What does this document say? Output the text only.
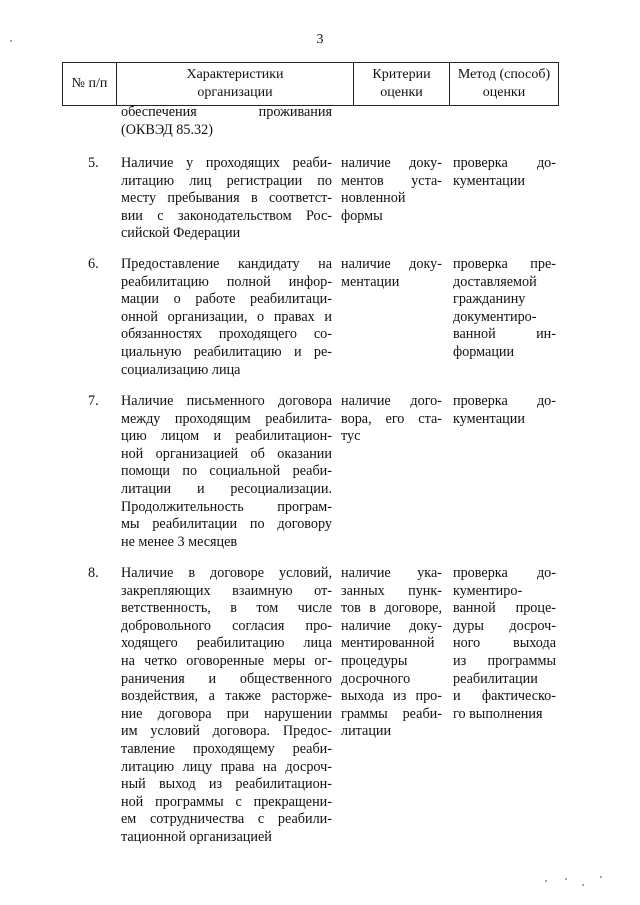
3
№ п/п
Характеристики
организации
Критерии
оценки
Метод (способ)
оценки
обеспечения проживания
(ОКВЭД 85.32)
5. Наличие у проходящих реаби-
литацию лиц регистрации по
месту пребывания в соответст-
вии с законодательством Рос-
сийской Федерации
наличие доку-
ментов уста-
новленной
формы
проверка до-
кументации
6. Предоставление кандидату на
реабилитацию полной инфор-
мации о работе реабилитаци-
онной организации, о правах и
обязанностях проходящего со-
циальную реабилитацию и ре-
социализацию лица
наличие доку-
ментации
проверка пре-
доставляемой
гражданину
документиро-
ванной ин-
формации
7. Наличие письменного договора
между проходящим реабилита-
цию лицом и реабилитацион-
ной организацией об оказании
помощи по социальной реаби-
литации и ресоциализации.
Продолжительность програм-
мы реабилитации по договору
не менее 3 месяцев
наличие дого-
вора, его ста-
тус
проверка до-
кументации
8. Наличие в договоре условий,
закрепляющих взаимную от-
ветственность, в том числе
добровольного согласия про-
ходящего реабилитацию лица
на четко оговоренные меры ог-
раничения и общественного
воздействия, а также расторже-
ние договора при нарушении
им условий договора. Предос-
тавление проходящему реаби-
литацию лицу права на досроч-
ный выход из реабилитацион-
ной программы с прекращени-
ем сотрудничества с реабили-
тационной организацией
наличие ука-
занных пунк-
тов в договоре,
наличие доку-
ментированной
процедуры
досрочного
выхода из про-
граммы реаби-
литации
проверка до-
кументиро-
ванной проце-
дуры досроч-
ного выхода
из программы
реабилитации
и фактическо-
го выполнения
